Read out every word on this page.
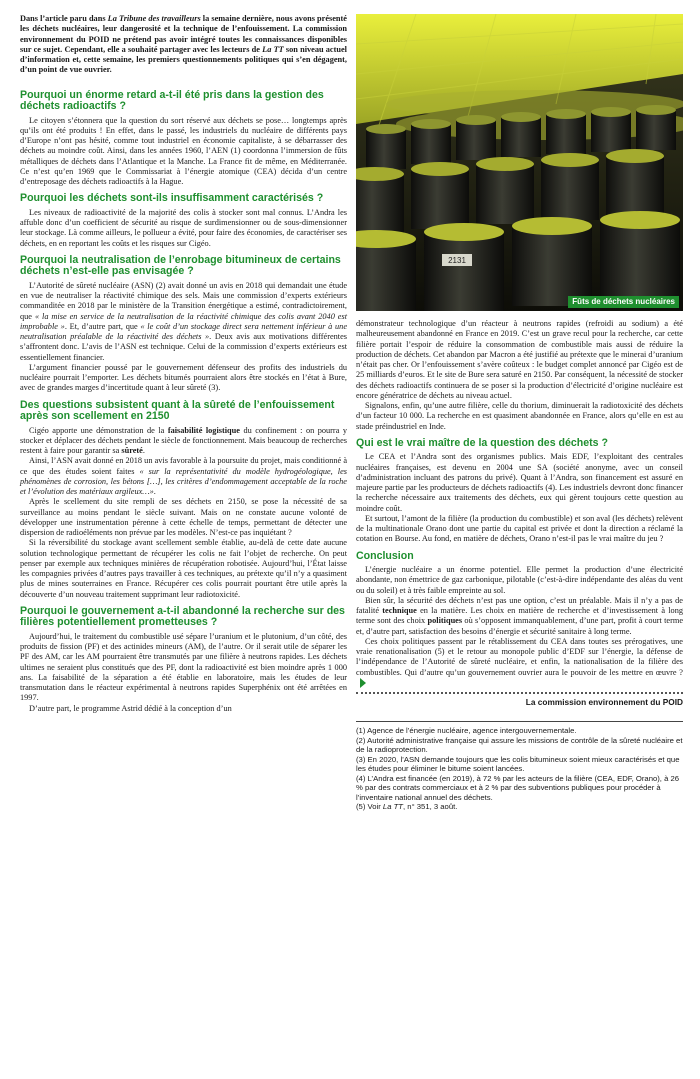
Dans l’article paru dans La Tribune des travailleurs la semaine dernière, nous avons présenté les déchets nucléaires, leur dangerosité et la technique de l’enfouissement. La commission environnement du POID ne prétend pas avoir intégré toutes les connaissances disponibles sur ce sujet. Cependant, elle a souhaité partager avec les lecteurs de La TT son niveau actuel d’information et, cette semaine, les premiers questionnements politiques qui s’en dégagent, d’un point de vue ouvrier.

Pourquoi un énorme retard a-t-il été pris dans la gestion des déchets radioactifs ?

Le citoyen s’étonnera que la question du sort réservé aux déchets se pose… longtemps après qu’ils ont été produits ! En effet, dans le passé, les industriels du nucléaire de différents pays d’Europe n’ont pas hésité, comme tout industriel en économie capitaliste, à se débarrasser des déchets au moindre coût. Ainsi, dans les années 1960, l’AEN (1) coordonna l’immersion de fûts métalliques de déchets dans l’Atlantique et la Manche. La France fit de même, en Méditerranée. Ce n’est qu’en 1969 que le Commissariat à l’énergie atomique (CEA) décida d’un centre d’entreposage des déchets radioactifs à la Hague.

Pourquoi les déchets sont-ils insuffisamment caractérisés ?

Les niveaux de radioactivité de la majorité des colis à stocker sont mal connus. L’Andra les affuble donc d’un coefficient de sécurité au risque de surdimensionner ou de sous-dimensionner leur stockage. Là comme ailleurs, le pollueur a évité, pour faire des économies, de caractériser ses déchets, en en reportant les coûts et les risques sur Cigéo.

Pourquoi la neutralisation de l’enrobage bitumineux de certains déchets n’est-elle pas envisagée ?

L’Autorité de sûreté nucléaire (ASN) (2) avait donné un avis en 2018 qui demandait une étude en vue de neutraliser la réactivité chimique des sels. Mais une commission d’experts extérieurs commanditée en 2018 par le ministère de la Transition énergétique a estimé, contradictoirement, que « la mise en service de la neutralisation de la réactivité chimique des colis avant 2040 est improbable ». Et, d’autre part, que « le coût d’un stockage direct sera nettement inférieur à une neutralisation préalable de la réactivité des déchets ». Deux avis aux motivations différentes s’affrontent donc. L’avis de l’ASN est technique. Celui de la commission d’experts extérieurs est essentiellement financier.

L’argument financier poussé par le gouvernement défenseur des profits des industriels du nucléaire pourrait l’emporter. Les déchets bitumés pourraient alors être stockés en l’état à Bure, avec de grandes marges d’incertitude quant à leur sûreté (3).

Des questions subsistent quant à la sûreté de l’enfouissement après son scellement en 2150

Cigéo apporte une démonstration de la faisabilité logistique du confinement : on pourra y stocker et déplacer des déchets pendant le siècle de fonctionnement. Mais beaucoup de recherches restent à faire pour garantir sa sûreté.

Ainsi, l’ASN avait donné en 2018 un avis favorable à la poursuite du projet, mais conditionné à ce que des études soient faites « sur la représentativité du modèle hydrogéologique, les phénomènes de corrosion, les bétons […], les critères d’endommagement acceptable de la roche et l’évolution des matériaux argileux…».

Après le scellement du site rempli de ses déchets en 2150, se pose la nécessité de sa surveillance au moins pendant le siècle suivant. Mais on ne constate aucune volonté de développer une instrumentation pérenne à cette échelle de temps, permettant de détecter une dispersion de radioéléments non prévue par les modèles. N’est-ce pas inquiétant ?

Si la réversibilité du stockage avant scellement semble établie, au-delà de cette date aucune solution technologique permettant de récupérer les colis ne fait l’objet de recherche. On peut penser par exemple aux techniques minières de récupération robotisée. Aujourd’hui, l’État laisse les compagnies privées d’autres pays travailler à ces techniques, au prétexte qu’il n’y a quasiment plus de mines souterraines en France. Récupérer ces colis pourrait pourtant être utile après la découverte d’un nouveau traitement supprimant leur radiotoxicité.

Pourquoi le gouvernement a-t-il abandonné la recherche sur des filières potentiellement prometteuses ?

Aujourd’hui, le traitement du combustible usé sépare l’uranium et le plutonium, d’un côté, des produits de fission (PF) et des actinides mineurs (AM), de l’autre. Or il serait utile de séparer les PF des AM, car les AM pourraient être transmutés par une filière à neutrons rapides. Les déchets ultimes ne seraient plus constitués que des PF, dont la radioactivité est bien moindre après 1 000 ans. La faisabilité de la séparation a été établie en laboratoire, mais les études de leur transmutation dans le réacteur expérimental à neutrons rapides Superphénix ont été arrêtées en 1997.

D’autre part, le programme Astrid dédié à la conception d’un

2131
Fûts de déchets nucléaires

démonstrateur technologique d’un réacteur à neutrons rapides (refroidi au sodium) a été malheureusement abandonné en France en 2019. C’est un grave recul pour la recherche, car cette filière portait l’espoir de réduire la consommation de combustible mais aussi de réduire la production de déchets. Cet abandon par Macron a été justifié au prétexte que le minerai d’uranium n’était pas cher. Or l’enfouissement s’avère coûteux : le budget complet annoncé par Cigéo est de 25 milliards d’euros. Et le site de Bure sera saturé en 2150. Par conséquent, la nécessité de stocker des déchets radioactifs continuera de se poser si la production d’électricité d’origine nucléaire est encore génératrice de déchets au niveau actuel.

Signalons, enfin, qu’une autre filière, celle du thorium, diminuerait la radiotoxicité des déchets d’un facteur 10 000. La recherche en est quasiment abandonnée en France, alors qu’elle en est au stade préindustriel en Inde.

Qui est le vrai maître de la question des déchets ?

Le CEA et l’Andra sont des organismes publics. Mais EDF, l’exploitant des centrales nucléaires françaises, est devenu en 2004 une SA (société anonyme, avec un conseil d’administration incluant des patrons du privé). Quant à l’Andra, son financement est assuré en majeure partie par les producteurs de déchets radioactifs (4). Les industriels devront donc financer la recherche nécessaire aux traitements des déchets, eux qui gèrent toujours cette question au moindre coût.

Et surtout, l’amont de la filière (la production du combustible) et son aval (les déchets) relèvent de la multinationale Orano dont une partie du capital est privée et dont la direction a réclamé la cotation en Bourse. Au fond, en matière de déchets, Orano n’est-il pas le vrai maître du jeu ?

Conclusion

L’énergie nucléaire a un énorme potentiel. Elle permet la production d’une électricité abondante, non émettrice de gaz carbonique, pilotable (c’est-à-dire indépendante des aléas du vent ou du soleil) et à très faible empreinte au sol.

Bien sûr, la sécurité des déchets n’est pas une option, c’est un préalable. Mais il n’y a pas de fatalité technique en la matière. Les choix en matière de recherche et d’investissement à long terme sont des choix politiques où s’opposent immanquablement, d’une part, profit à court terme et, d’autre part, satisfaction des besoins d’énergie et sécurité sanitaire à long terme.

Ces choix politiques passent par le rétablissement du CEA dans toutes ses prérogatives, une vraie renationalisation (5) et le retour au monopole public d’EDF sur l’énergie, la défense de l’indépendance de l’Autorité de sûreté nucléaire, et enfin, la nationalisation de la filière des combustibles. Qui d’autre qu’un gouvernement ouvrier aura le pouvoir de les mettre en œuvre ?

La commission environnement du POID
(1) Agence de l’énergie nucléaire, agence intergouvernementale.
(2) Autorité administrative française qui assure les missions de contrôle de la sûreté nucléaire et de la radioprotection.
(3) En 2020, l’ASN demande toujours que les colis bitumineux soient mieux caractérisés et que les études pour éliminer le bitume soient lancées.
(4) L’Andra est financée (en 2019), à 72 % par les acteurs de la filière (CEA, EDF, Orano), à 26 % par des contrats commerciaux et à 2 % par des subventions publiques pour procéder à l’inventaire national annuel des déchets.
(5) Voir La TT, n° 351, 3 août.
